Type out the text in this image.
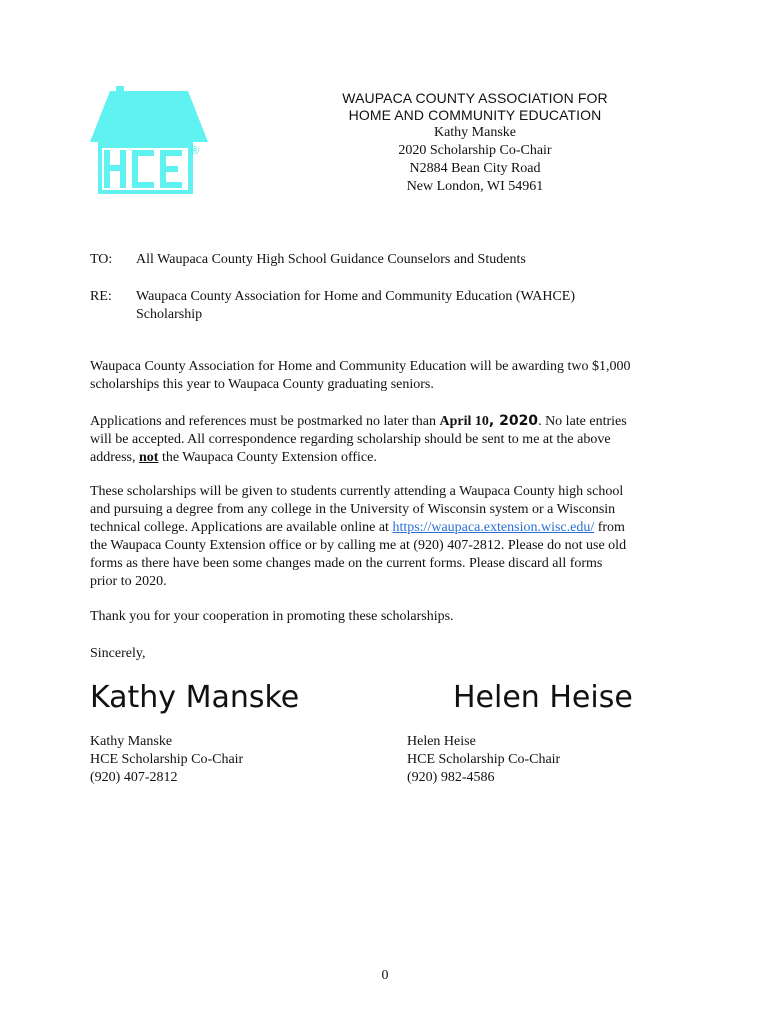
®
WAUPACA COUNTY ASSOCIATION FOR
HOME AND COMMUNITY EDUCATION
Kathy Manske
2020 Scholarship Co-Chair
N2884 Bean City Road
New London, WI 54961
TO:	All Waupaca County High School Guidance Counselors and Students
RE:	Waupaca County Association for Home and Community Education (WAHCE)
Scholarship

Waupaca County Association for Home and Community Education will be awarding two $1,000
scholarships this year to Waupaca County graduating seniors.

Applications and references must be postmarked no later than April 10, 2020. No late entries
will be accepted. All correspondence regarding scholarship should be sent to me at the above
address, not the Waupaca County Extension office.

These scholarships will be given to students currently attending a Waupaca County high school
and pursuing a degree from any college in the University of Wisconsin system or a Wisconsin
technical college. Applications are available online at https://waupaca.extension.wisc.edu/ from
the Waupaca County Extension office or by calling me at (920) 407-2812. Please do not use old
forms as there have been some changes made on the current forms. Please discard all forms
prior to 2020.

Thank you for your cooperation in promoting these scholarships.

Sincerely,

Kathy Manske	Helen Heise
Kathy Manske
HCE Scholarship Co-Chair
(920) 407-2812
Helen Heise
HCE Scholarship Co-Chair
(920) 982-4586
0
